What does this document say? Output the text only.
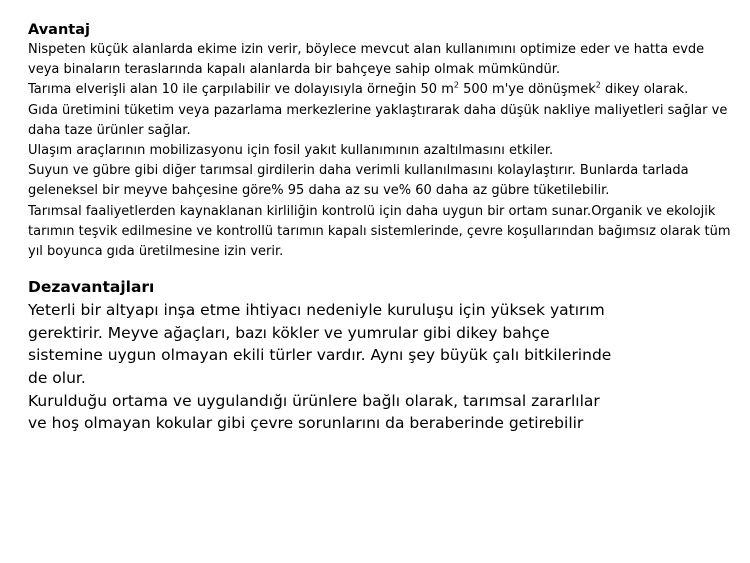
Avantaj

Nispeten küçük alanlarda ekime izin verir, böylece mevcut alan kullanımını optimize eder ve hatta evde veya binaların teraslarında kapalı alanlarda bir bahçeye sahip olmak mümkündür.

Tarıma elverişli alan 10 ile çarpılabilir ve dolayısıyla örneğin 50 $m^2$ 500 m'ye dönüşmek$^2$ dikey olarak.

Gıda üretimini tüketim veya pazarlama merkezlerine yaklaştırarak daha düşük nakliye maliyetleri sağlar ve daha taze ürünler sağlar.

Ulaşım araçlarının mobilizasyonu için fosil yakıt kullanımının azaltılmasını etkiler.

Suyun ve gübre gibi diğer tarımsal girdilerin daha verimli kullanılmasını kolaylaştırır. Bunlarda tarlada geleneksel bir meyve bahçesine göre% 95 daha az su ve% 60 daha az gübre tüketilebilir.

Tarımsal faaliyetlerden kaynaklanan kirliliğin kontrolü için daha uygun bir ortam sunar.Organik ve ekolojik tarımın teşvik edilmesine ve kontrollü tarımın kapalı sistemlerinde, çevre koşullarından bağımsız olarak tüm yıl boyunca gıda üretilmesine izin verir.

Dezavantajları

Yeterli bir altyapı inşa etme ihtiyacı nedeniyle kuruluşu için yüksek yatırım gerektirir. Meyve ağaçları, bazı kökler ve yumrular gibi dikey bahçe sistemine uygun olmayan ekili türler vardır. Aynı şey büyük çalı bitkilerinde de olur.

Kurulduğu ortama ve uygulandığı ürünlere bağlı olarak, tarımsal zararlılar ve hoş olmayan kokular gibi çevre sorunlarını da beraberinde getirebilir
